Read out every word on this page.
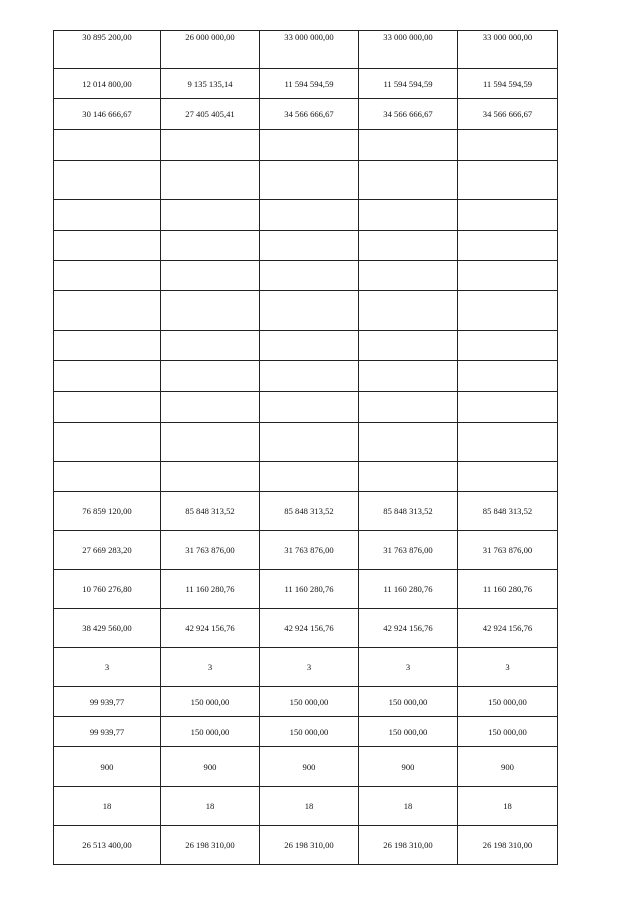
30 895 200,00	26 000 000,00	33 000 000,00	33 000 000,00	33 000 000,00
12 014 800,00	9 135 135,14	11 594 594,59	11 594 594,59	11 594 594,59
30 146 666,67	27 405 405,41	34 566 666,67	34 566 666,67	34 566 666,67

76 859 120,00	85 848 313,52	85 848 313,52	85 848 313,52	85 848 313,52
27 669 283,20	31 763 876,00	31 763 876,00	31 763 876,00	31 763 876,00
10 760 276,80	11 160 280,76	11 160 280,76	11 160 280,76	11 160 280,76
38 429 560,00	42 924 156,76	42 924 156,76	42 924 156,76	42 924 156,76
3	3	3	3	3
99 939,77	150 000,00	150 000,00	150 000,00	150 000,00
99 939,77	150 000,00	150 000,00	150 000,00	150 000,00
900	900	900	900	900
18	18	18	18	18
26 513 400,00	26 198 310,00	26 198 310,00	26 198 310,00	26 198 310,00
